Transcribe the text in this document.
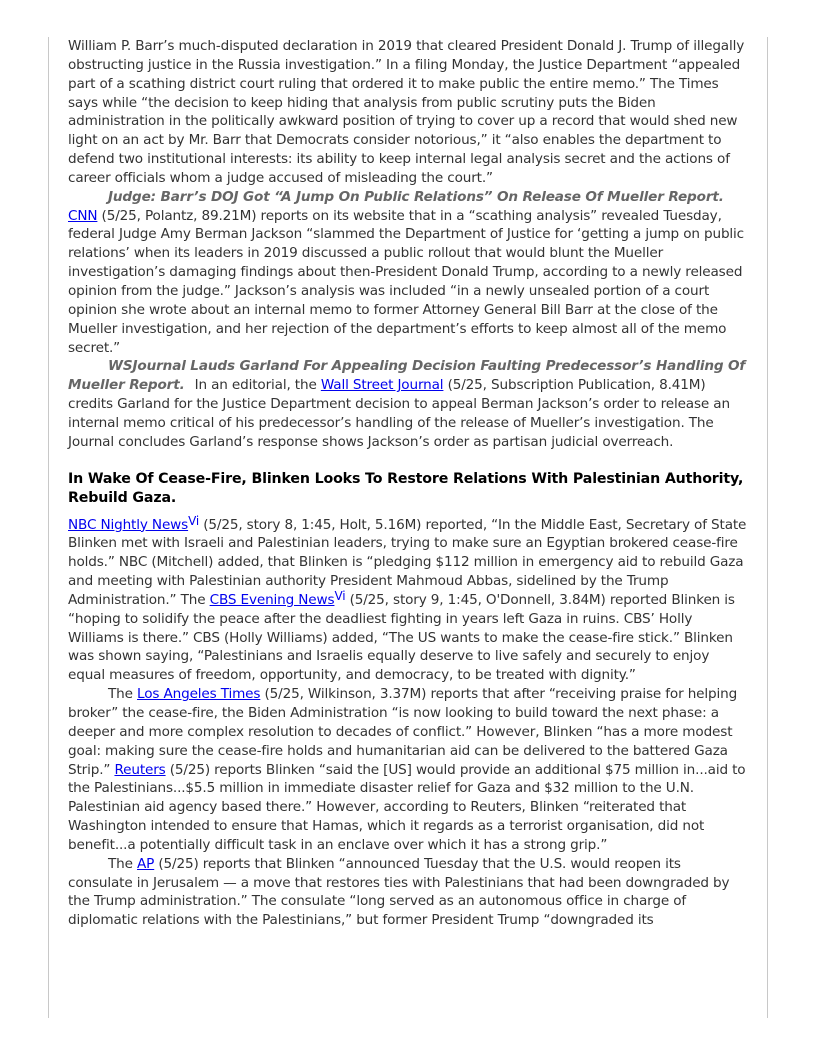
William P. Barr’s much-disputed declaration in 2019 that cleared President Donald J. Trump of illegally obstructing justice in the Russia investigation.” In a filing Monday, the Justice Department “appealed part of a scathing district court ruling that ordered it to make public the entire memo.” The Times says while “the decision to keep hiding that analysis from public scrutiny puts the Biden administration in the politically awkward position of trying to cover up a record that would shed new light on an act by Mr. Barr that Democrats consider notorious,” it “also enables the department to defend two institutional interests: its ability to keep internal legal analysis secret and the actions of career officials whom a judge accused of misleading the court.”

Judge: Barr’s DOJ Got “A Jump On Public Relations” On Release Of Mueller Report.CNN (5/25, Polantz, 89.21M) reports on its website that in a “scathing analysis” revealed Tuesday, federal Judge Amy Berman Jackson “slammed the Department of Justice for ‘getting a jump on public relations’ when its leaders in 2019 discussed a public rollout that would blunt the Mueller investigation’s damaging findings about then-President Donald Trump, according to a newly released opinion from the judge.” Jackson’s analysis was included “in a newly unsealed portion of a court opinion she wrote about an internal memo to former Attorney General Bill Barr at the close of the Mueller investigation, and her rejection of the department’s efforts to keep almost all of the memo secret.”

WSJournal Lauds Garland For Appealing Decision Faulting Predecessor’s Handling Of Mueller Report. In an editorial, the Wall Street Journal (5/25, Subscription Publication, 8.41M) credits Garland for the Justice Department decision to appeal Berman Jackson’s order to release an internal memo critical of his predecessor’s handling of the release of Mueller’s investigation. The Journal concludes Garland’s response shows Jackson’s order as partisan judicial overreach.

In Wake Of Cease-Fire, Blinken Looks To Restore Relations With Palestinian Authority, Rebuild Gaza.

NBC Nightly NewsVi (5/25, story 8, 1:45, Holt, 5.16M) reported, “In the Middle East, Secretary of State Blinken met with Israeli and Palestinian leaders, trying to make sure an Egyptian brokered cease-fire holds.” NBC (Mitchell) added, that Blinken is “pledging $112 million in emergency aid to rebuild Gaza and meeting with Palestinian authority President Mahmoud Abbas, sidelined by the Trump Administration.” The CBS Evening NewsVi (5/25, story 9, 1:45, O'Donnell, 3.84M) reported Blinken is “hoping to solidify the peace after the deadliest fighting in years left Gaza in ruins. CBS’ Holly Williams is there.” CBS (Holly Williams) added, “The US wants to make the cease-fire stick.” Blinken was shown saying, “Palestinians and Israelis equally deserve to live safely and securely to enjoy equal measures of freedom, opportunity, and democracy, to be treated with dignity.”

The Los Angeles Times (5/25, Wilkinson, 3.37M) reports that after “receiving praise for helping broker” the cease-fire, the Biden Administration “is now looking to build toward the next phase: a deeper and more complex resolution to decades of conflict.” However, Blinken “has a more modest goal: making sure the cease-fire holds and humanitarian aid can be delivered to the battered Gaza Strip.” Reuters (5/25) reports Blinken “said the [US] would provide an additional $75 million in...aid to the Palestinians...$5.5 million in immediate disaster relief for Gaza and $32 million to the U.N. Palestinian aid agency based there.” However, according to Reuters, Blinken “reiterated that Washington intended to ensure that Hamas, which it regards as a terrorist organisation, did not benefit...a potentially difficult task in an enclave over which it has a strong grip.”

The AP (5/25) reports that Blinken “announced Tuesday that the U.S. would reopen its consulate in Jerusalem — a move that restores ties with Palestinians that had been downgraded by the Trump administration.” The consulate “long served as an autonomous office in charge of diplomatic relations with the Palestinians,” but former President Trump “downgraded its
